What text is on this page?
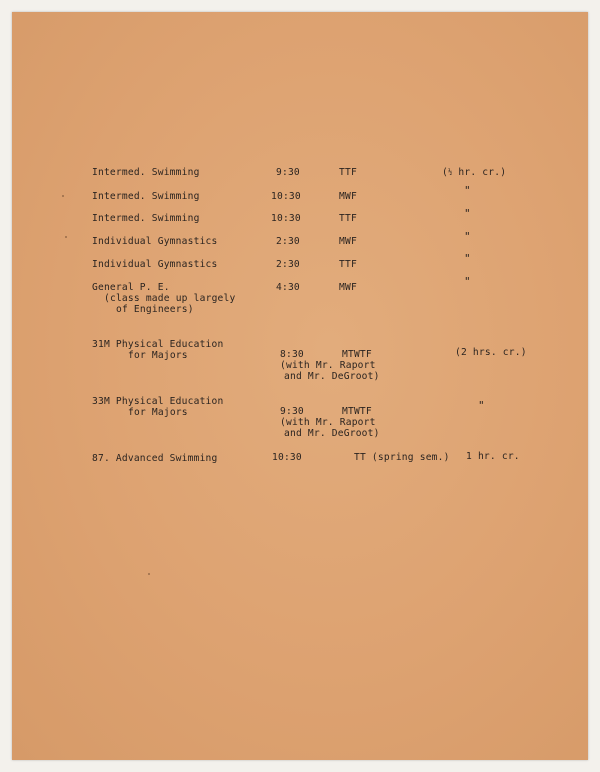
Intermed. Swimming	9:30	TTF	(½ hr. cr.)
Intermed. Swimming	10:30	MWF	"
Intermed. Swimming	10:30	TTF	"
Individual Gymnastics	2:30	MWF	"
Individual Gymnastics	2:30	TTF	"
General P. E.
(class made up largely
of Engineers)
4:30	MWF	"
31M Physical Education
for Majors	8:30	MTWTF
(with Mr. Raport
and Mr. DeGroot)
(2 hrs. cr.)
33M Physical Education
for Majors	9:30	MTWTF
(with Mr. Raport
and Mr. DeGroot)
"
87. Advanced Swimming	10:30	TT (spring sem.) 1 hr. cr.
